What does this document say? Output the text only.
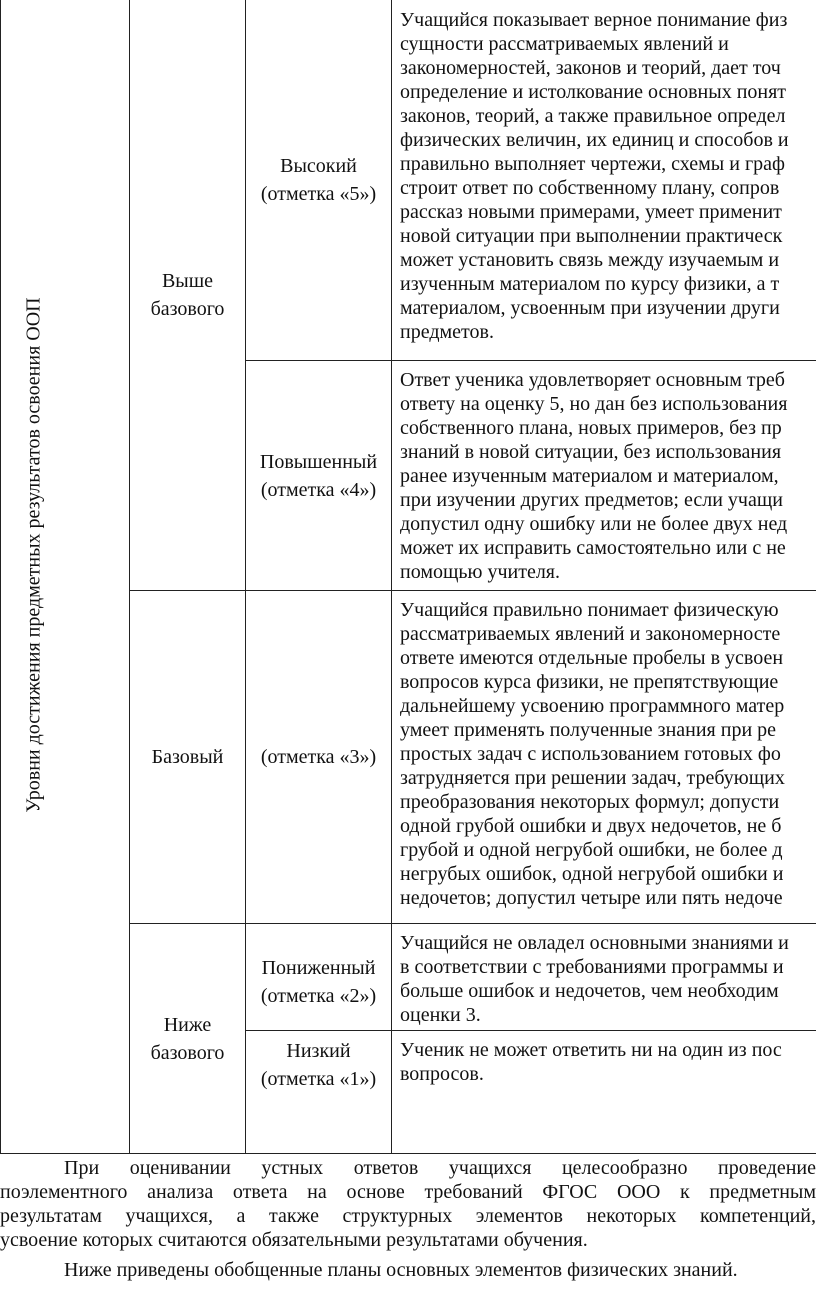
Уровни достижения предметных результатов освоения ООП
Выше базового
Базовый
Ниже базового
Высокий
(отметка «5»)
Повышенный
(отметка «4»)
(отметка «3»)
Пониженный
(отметка «2»)
Низкий
(отметка «1»)
Учащийся показывает верное понимание физ
сущности рассматриваемых явлений и
закономерностей, законов и теорий, дает точ
определение и истолкование основных понят
законов, теорий, а также правильное определ
физических величин, их единиц и способов и
правильно выполняет чертежи, схемы и граф
строит ответ по собственному плану, сопров
рассказ новыми примерами, умеет применит
новой ситуации при выполнении практическ
может установить связь между изучаемым и
изученным материалом по курсу физики, а т
материалом, усвоенным при изучении други
предметов.
Ответ ученика удовлетворяет основным треб
ответу на оценку 5, но дан без использования
собственного плана, новых примеров, без пр
знаний в новой ситуации, без использования
ранее изученным материалом и материалом,
при изучении других предметов; если учащи
допустил одну ошибку или не более двух нед
может их исправить самостоятельно или с не
помощью учителя.
Учащийся правильно понимает физическую
рассматриваемых явлений и закономерносте
ответе имеются отдельные пробелы в усвоен
вопросов курса физики, не препятствующие
дальнейшему усвоению программного матер
умеет применять полученные знания при ре
простых задач с использованием готовых фо
затрудняется при решении задач, требующих
преобразования некоторых формул; допусти
одной грубой ошибки и двух недочетов, не б
грубой и одной негрубой ошибки, не более д
негрубых ошибок, одной негрубой ошибки и
недочетов; допустил четыре или пять недоче
Учащийся не овладел основными знаниями и
в соответствии с требованиями программы и
больше ошибок и недочетов, чем необходим
оценки 3.
Ученик не может ответить ни на один из пос
вопросов.
При оценивании устных ответов учащихся целесообразно проведение
поэлементного анализа ответа на основе требований ФГОС ООО к предметным
результатам учащихся, а также структурных элементов некоторых компетенций,
усвоение которых считаются обязательными результатами обучения.
Ниже приведены обобщенные планы основных элементов физических знаний.
